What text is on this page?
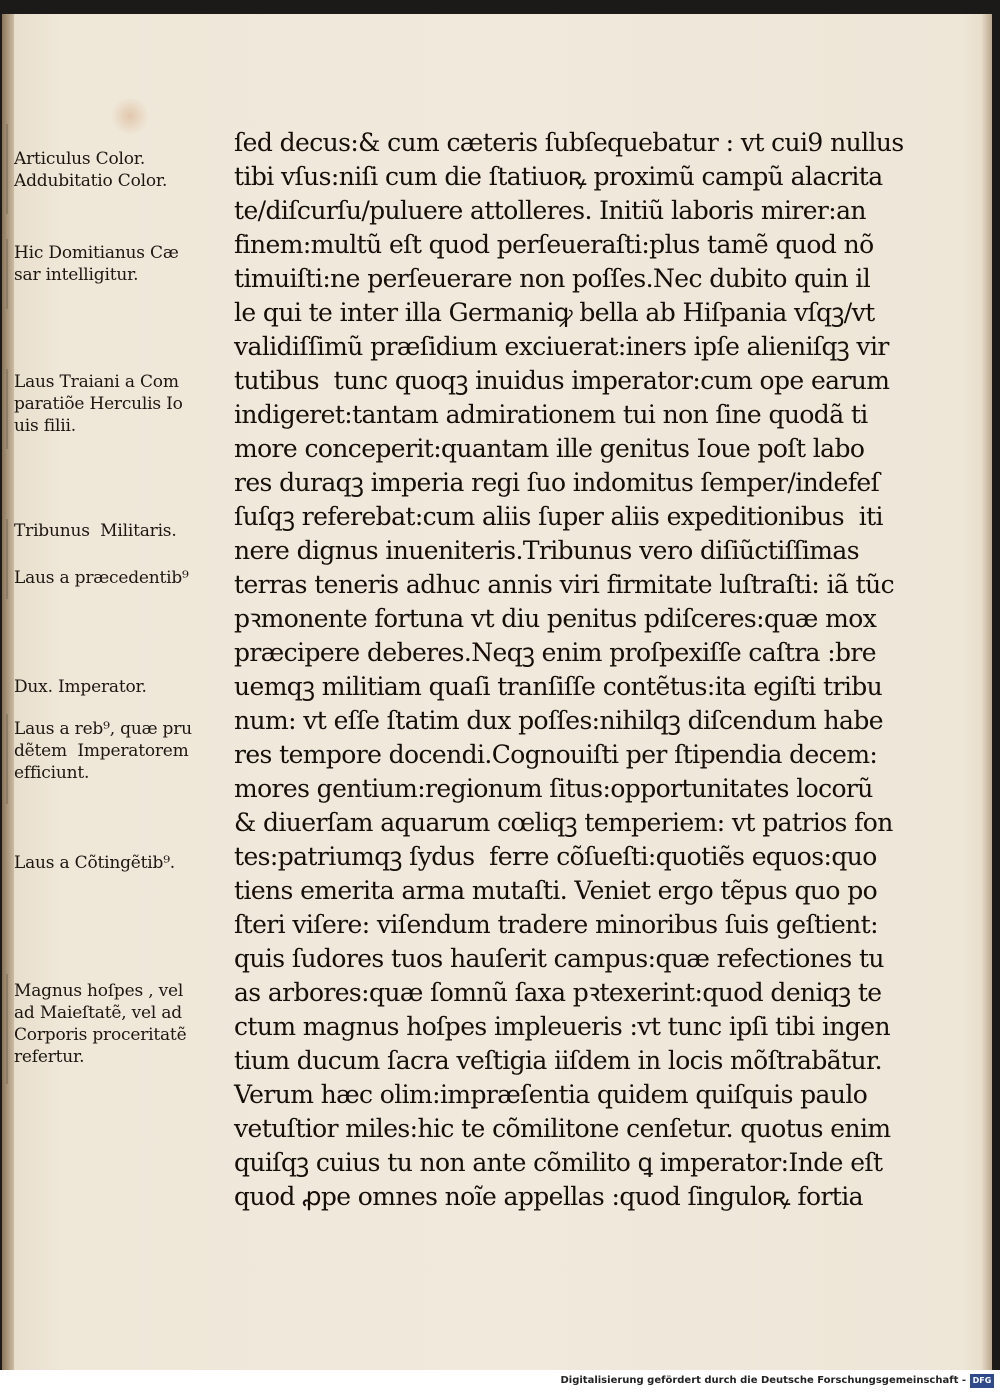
Articulus Color.
Addubitatio Color.
Hic Domitianus Cæ
sar intelligitur.
Laus Traiani a Com
paratiõe Herculis Io
uis filii.
Tribunus  Militaris.
Laus a præcedentib⁹
Dux. Imperator.
Laus a reb⁹, quæ pru
dẽtem  Imperatorem
efficiunt.
Laus a Cõtingẽtib⁹.
Magnus hoſpes , vel
ad Maieſtatẽ, vel ad
Corporis proceritatẽ
refertur.
ſed decus:& cum cæteris ſubſequebatur : vt cui9 nullus
tibi vſus:niſi cum die ſtatiuoꝶ proximũ campũ alacrita
te/diſcurſu/puluere attolleres. Initiũ laboris mirer:an
finem:multũ eſt quod perſeueraſti:plus tamẽ quod nõ
timuiſti:ne perſeuerare non poſſes.Nec dubito quin il
le qui te inter illa Germaniꝙ bella ab Hiſpania vſqꝫ/vt
validiſſimũ præſidium exciuerat:iners ipſe alieniſqꝫ vir
tutibus  tunc quoqꝫ inuidus imperator:cum ope earum
indigeret:tantam admirationem tui non ſine quodã ti
more conceperit:quantam ille genitus Ioue poſt labo
res duraqꝫ imperia regi ſuo indomitus ſemper/indefeſ
ſuſqꝫ referebat:cum aliis ſuper aliis expeditionibus  iti
nere dignus inueniteris.Tribunus vero diſiũctiſſimas
terras teneris adhuc annis viri firmitate luſtraſti: iã tũc
pꝛmonente fortuna vt diu penitus pdiſceres:quæ mox
præcipere deberes.Neqꝫ enim proſpexiſſe caſtra :bre
uemqꝫ militiam quaſi tranſiſſe contẽtus:ita egiſti tribu
num: vt eſſe ſtatim dux poſſes:nihilqꝫ diſcendum habe
res tempore docendi.Cognouiſti per ſtipendia decem:
mores gentium:regionum ſitus:opportunitates locorũ
& diuerſam aquarum cœliqꝫ temperiem: vt patrios fon
tes:patriumqꝫ ſydus  ferre cõſueſti:quotiẽs equos:quo
tiens emerita arma mutaſti. Veniet ergo tẽpus quo po
ſteri viſere: viſendum tradere minoribus ſuis geſtient:
quis ſudores tuos hauſerit campus:quæ refectiones tu
as arbores:quæ ſomnũ ſaxa pꝛtexerint:quod deniqꝫ te
ctum magnus hoſpes impleueris :vt tunc ipſi tibi ingen
tium ducum ſacra veſtigia iiſdem in locis mõſtrabãtur.
Verum hæc olim:impræſentia quidem quiſquis paulo
vetuſtior miles:hic te cõmilitone cenſetur. quotus enim
quiſqꝫ cuius tu non ante cõmilito ꝗ imperator:Inde eſt
quod ꝓpe omnes noĩe appellas :quod ſinguloꝶ fortia
Digitalisierung gefördert durch die Deutsche Forschungsgemeinschaft - DFG
